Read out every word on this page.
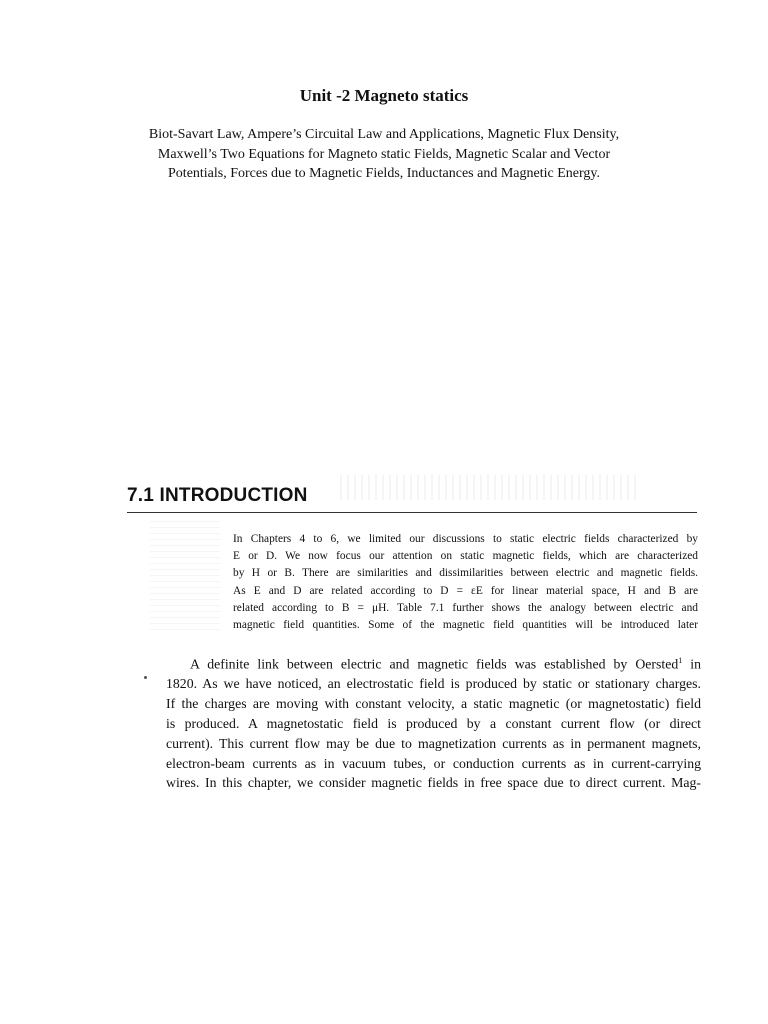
Unit -2 Magneto statics
Biot-Savart Law, Ampere’s Circuital Law and Applications, Magnetic Flux Density,
Maxwell’s Two Equations for Magneto static Fields, Magnetic Scalar and Vector
Potentials, Forces due to Magnetic Fields, Inductances and Magnetic Energy.
7.1 INTRODUCTION
In Chapters 4 to 6, we limited our discussions to static electric fields characterized by
E or D. We now focus our attention on static magnetic fields, which are characterized
by H or B. There are similarities and dissimilarities between electric and magnetic fields.
As E and D are related according to D = εE for linear material space, H and B are
related according to B = μH. Table 7.1 further shows the analogy between electric and
magnetic field quantities. Some of the magnetic field quantities will be introduced later
A definite link between electric and magnetic fields was established by Oersted$^1$ in
1820. As we have noticed, an electrostatic field is produced by static or stationary charges.
If the charges are moving with constant velocity, a static magnetic (or magnetostatic) field
is produced. A magnetostatic field is produced by a constant current flow (or direct
current). This current flow may be due to magnetization currents as in permanent magnets,
electron-beam currents as in vacuum tubes, or conduction currents as in current-carrying
wires. In this chapter, we consider magnetic fields in free space due to direct current. Mag-
